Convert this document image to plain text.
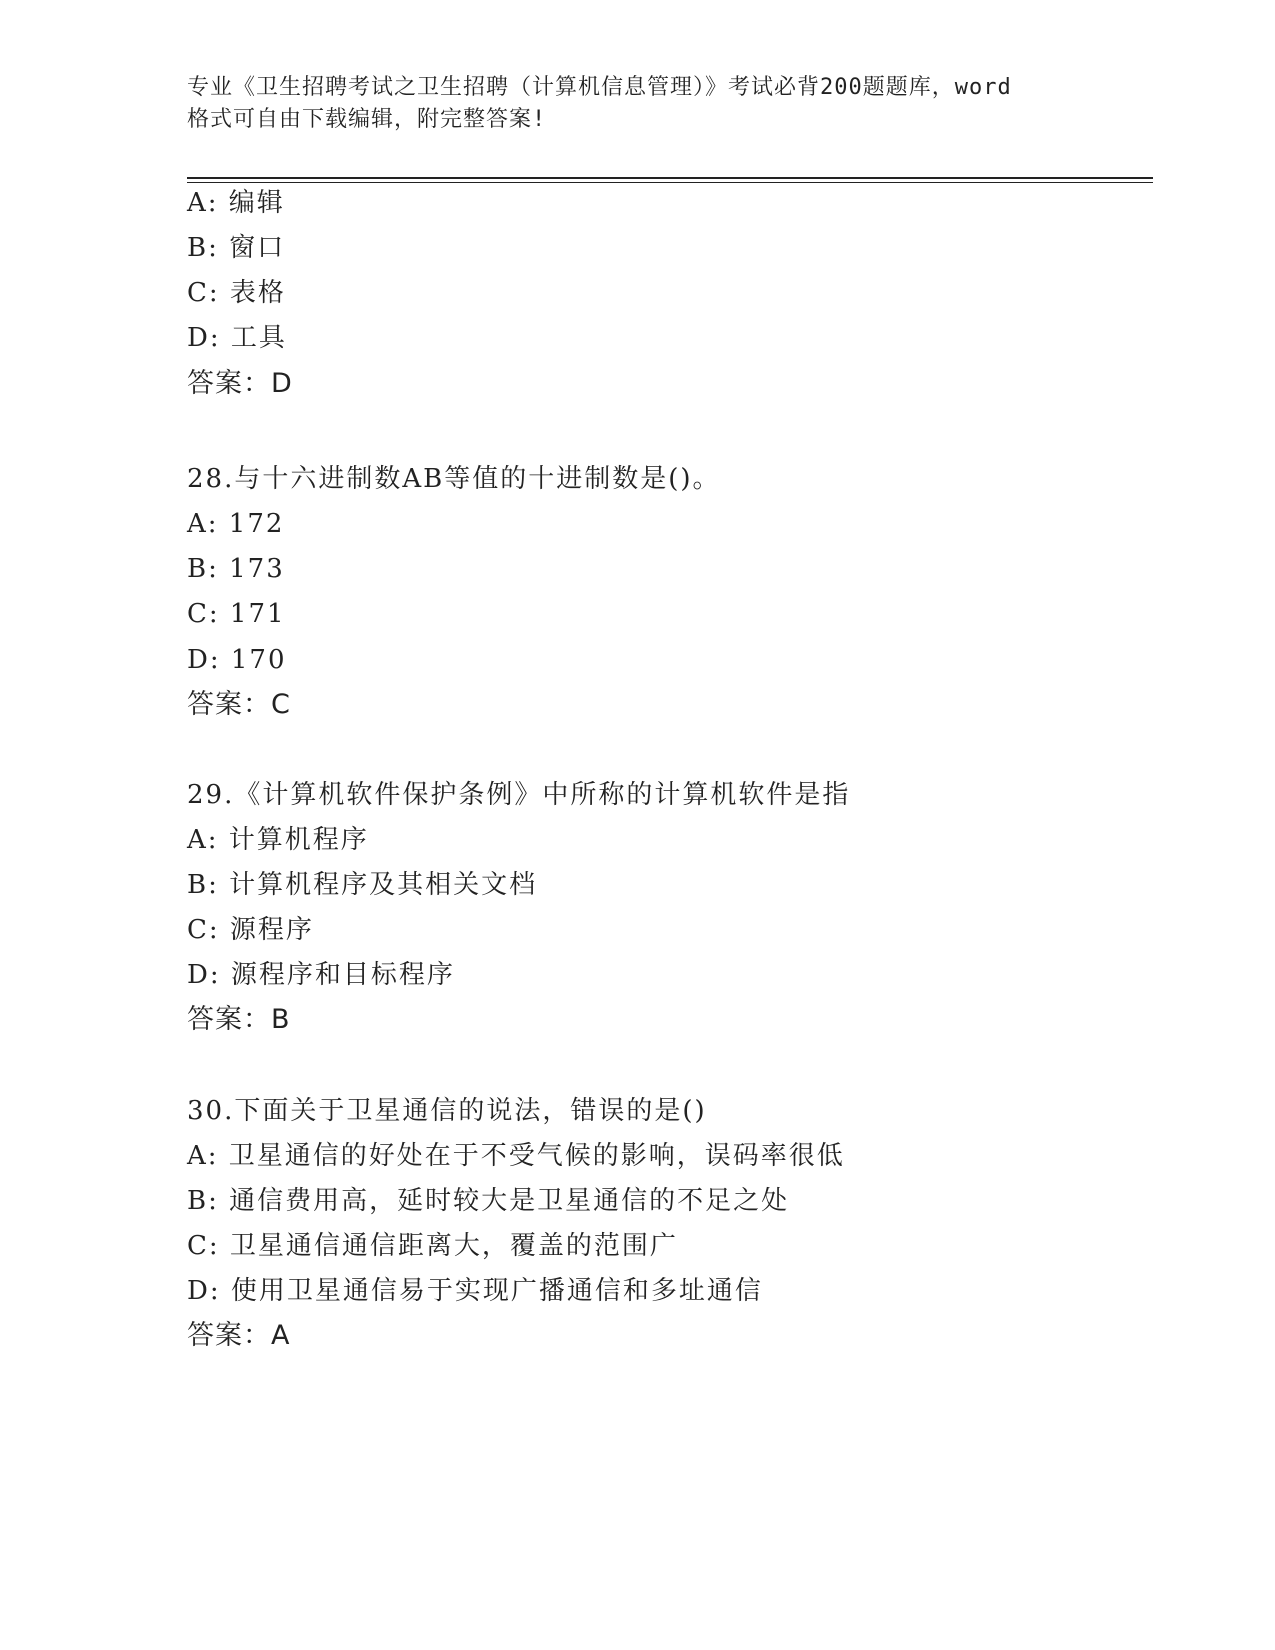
专业《卫生招聘考试之卫生招聘（计算机信息管理）》考试必背200题题库，word
格式可自由下载编辑，附完整答案!
A: 编辑
B: 窗口
C: 表格
D: 工具
答案：D
28.与十六进制数AB等值的十进制数是()。
A: 172
B: 173
C: 171
D: 170
答案：C
29.《计算机软件保护条例》中所称的计算机软件是指
A: 计算机程序
B: 计算机程序及其相关文档
C: 源程序
D: 源程序和目标程序
答案：B
30.下面关于卫星通信的说法，错误的是()
A: 卫星通信的好处在于不受气候的影响，误码率很低
B: 通信费用高，延时较大是卫星通信的不足之处
C: 卫星通信通信距离大，覆盖的范围广
D: 使用卫星通信易于实现广播通信和多址通信
答案：A
